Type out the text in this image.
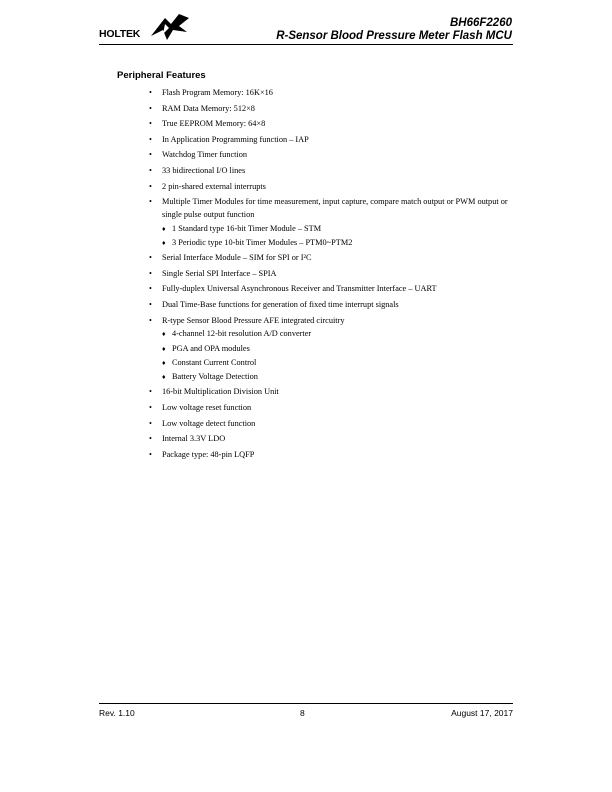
HOLTEK
BH66F2260
R-Sensor Blood Pressure Meter Flash MCU
Peripheral Features
• Flash Program Memory: 16K×16
• RAM Data Memory: 512×8
• True EEPROM Memory: 64×8
• In Application Programming function – IAP
• Watchdog Timer function
• 33 bidirectional I/O lines
• 2 pin-shared external interrupts
• Multiple Timer Modules for time measurement, input capture, compare match output or PWM output or single pulse output function
♦ 1 Standard type 16-bit Timer Module – STM
♦ 3 Periodic type 10-bit Timer Modules – PTM0~PTM2
• Serial Interface Module – SIM for SPI or I²C
• Single Serial SPI Interface – SPIA
• Fully-duplex Universal Asynchronous Receiver and Transmitter Interface – UART
• Dual Time-Base functions for generation of fixed time interrupt signals
• R-type Sensor Blood Pressure AFE integrated circuitry
♦ 4-channel 12-bit resolution A/D converter
♦ PGA and OPA modules
♦ Constant Current Control
♦ Battery Voltage Detection
• 16-bit Multiplication Division Unit
• Low voltage reset function
• Low voltage detect function
• Internal 3.3V LDO
• Package type: 48-pin LQFP
Rev. 1.10	8	August 17, 2017
